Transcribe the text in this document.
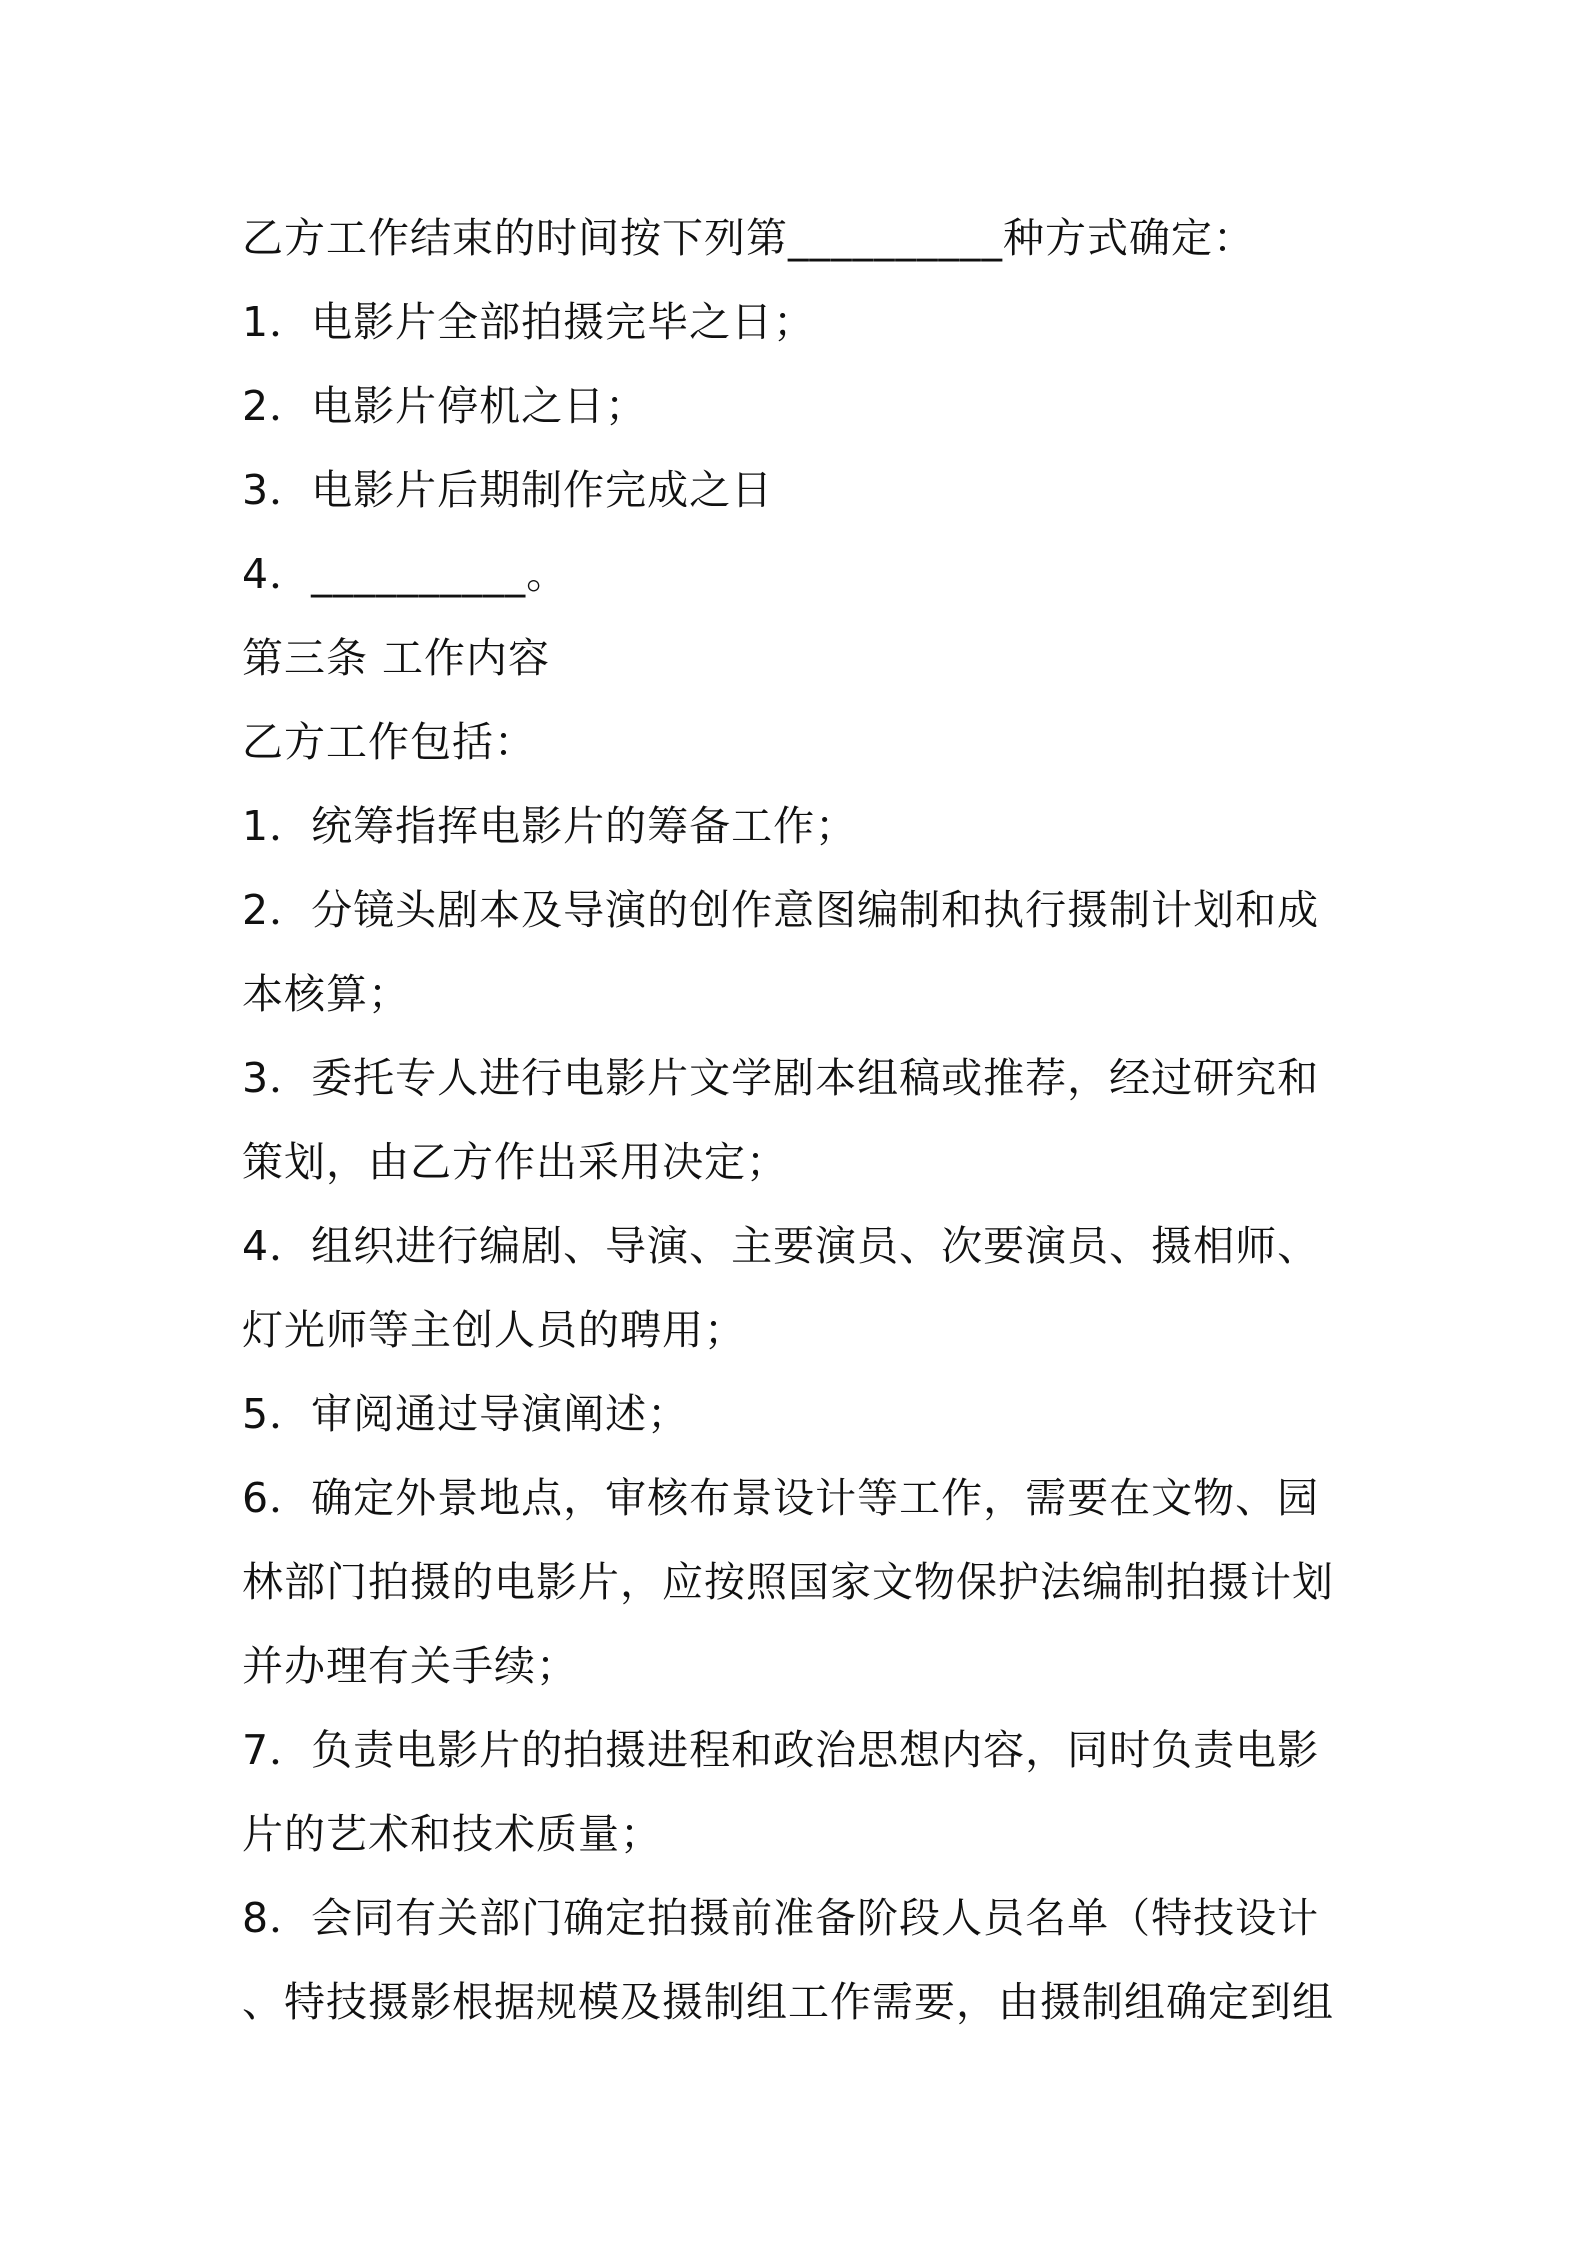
乙方工作结束的时间按下列第__________种方式确定：
1．电影片全部拍摄完毕之日；
2．电影片停机之日；
3．电影片后期制作完成之日
4．__________。
第三条 工作内容
乙方工作包括：
1．统筹指挥电影片的筹备工作；
2．分镜头剧本及导演的创作意图编制和执行摄制计划和成
本核算；
3．委托专人进行电影片文学剧本组稿或推荐，经过研究和
策划，由乙方作出采用决定；
4．组织进行编剧、导演、主要演员、次要演员、摄相师、
灯光师等主创人员的聘用；
5．审阅通过导演阐述；
6．确定外景地点，审核布景设计等工作，需要在文物、园
林部门拍摄的电影片，应按照国家文物保护法编制拍摄计划
并办理有关手续；
7．负责电影片的拍摄进程和政治思想内容，同时负责电影
片的艺术和技术质量；
8．会同有关部门确定拍摄前准备阶段人员名单（特技设计
、特技摄影根据规模及摄制组工作需要，由摄制组确定到组
